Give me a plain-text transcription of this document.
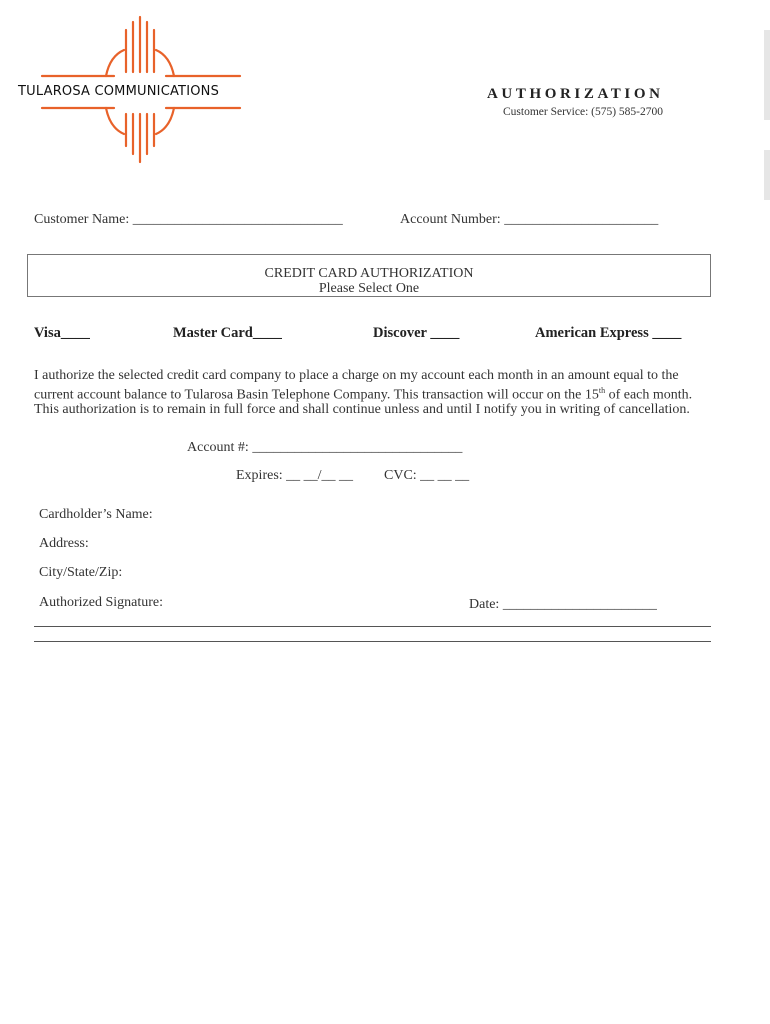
TULAROSA COMMUNICATIONS	AUTHORIZATION
Customer Service: (575) 585-2700
Customer Name: ______________________________	Account Number: ______________________
CREDIT CARD AUTHORIZATION
Please Select One
Visa____	Master Card____	Discover ____	American Express ____
I authorize the selected credit card company to place a charge on my account each month in an amount equal to the current account balance to Tularosa Basin Telephone Company. This transaction will occur on the 15th of each month. This authorization is to remain in full force and shall continue unless and until I notify you in writing of cancellation.
Account #: ______________________________
Expires: __ __/__ __ CVC: __ __ __
Cardholder’s Name:
Address:
City/State/Zip:
Authorized Signature:	Date: ______________________
